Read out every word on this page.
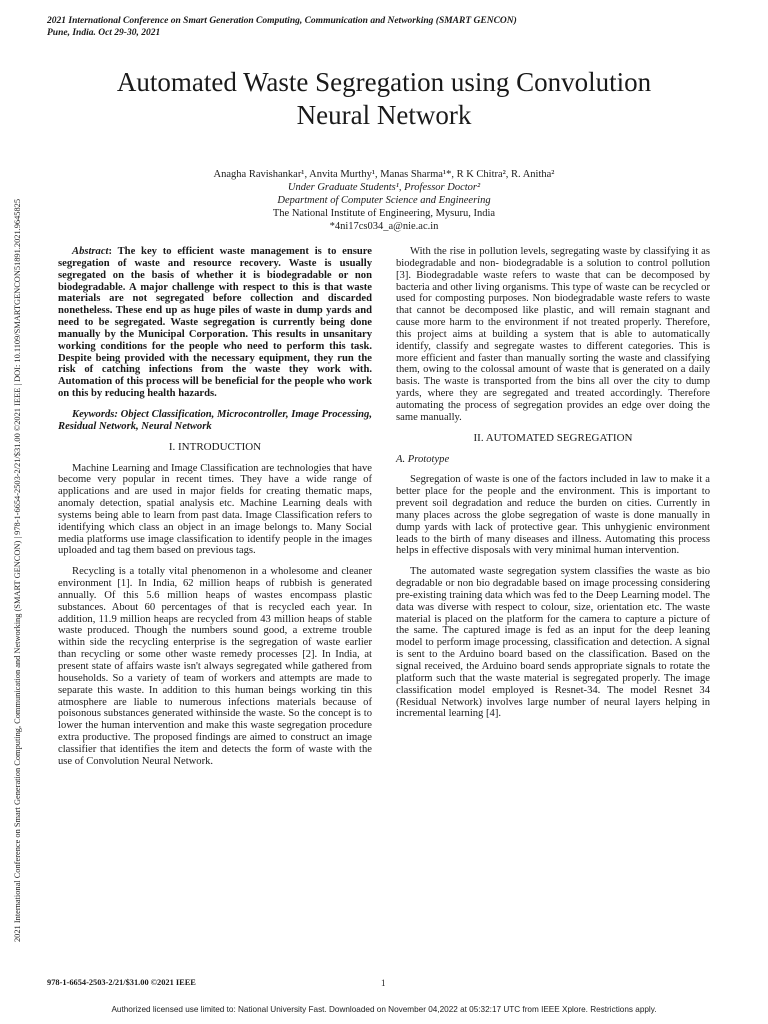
2021 International Conference on Smart Generation Computing, Communication and Networking (SMART GENCON)
Pune, India. Oct 29-30, 2021
2021 International Conference on Smart Generation Computing, Communication and Networking (SMART GENCON) | 978-1-6654-2503-2/21/$31.00 ©2021 IEEE | DOI: 10.1109/SMARTGENCON51891.2021.9645825
Automated Waste Segregation using Convolution
Neural Network
Anagha Ravishankar¹, Anvita Murthy¹, Manas Sharma¹*, R K Chitra², R. Anitha²
Under Graduate Students¹, Professor Doctor²
Department of Computer Science and Engineering
The National Institute of Engineering, Mysuru, India
*4ni17cs034_a@nie.ac.in

Abstract: The key to efficient waste management is to ensure segregation of waste and resource recovery. Waste is usually segregated on the basis of whether it is biodegradable or non biodegradable. A major challenge with respect to this is that waste materials are not segregated before collection and discarded nonetheless. These end up as huge piles of waste in dump yards and need to be segregated. Waste segregation is currently being done manually by the Municipal Corporation. This results in unsanitary working conditions for the people who need to perform this task. Despite being provided with the necessary equipment, they run the risk of catching infections from the waste they work with. Automation of this process will be beneficial for the people who work on this by reducing health hazards.

Keywords: Object Classification, Microcontroller, Image Processing, Residual Network, Neural Network

I. INTRODUCTION

Machine Learning and Image Classification are technologies that have become very popular in recent times. They have a wide range of applications and are used in major fields for creating thematic maps, anomaly detection, spatial analysis etc. Machine Learning deals with systems being able to learn from past data. Image Classification refers to identifying which class an object in an image belongs to. Many Social media platforms use image classification to identify people in the images uploaded and tag them based on previous tags.

Recycling is a totally vital phenomenon in a wholesome and cleaner environment [1]. In India, 62 million heaps of rubbish is generated annually. Of this 5.6 million heaps of wastes encompass plastic substances. About 60 percentages of that is recycled each year. In addition, 11.9 million heaps are recycled from 43 million heaps of stable waste produced. Though the numbers sound good, a extreme trouble within side the recycling enterprise is the segregation of waste earlier than recycling or some other waste remedy processes [2]. In India, at present state of affairs waste isn't always segregated while gathered from households. So a variety of team of workers and attempts are made to separate this waste. In addition to this human beings working tin this atmosphere are liable to numerous infections materials because of poisonous substances generated withinside the waste. So the concept is to lower the human intervention and make this waste segregation procedure extra productive. The proposed findings are aimed to construct an image classifier that identifies the item and detects the form of waste with the use of Convolution Neural Network.

With the rise in pollution levels, segregating waste by classifying it as biodegradable and non- biodegradable is a solution to control pollution [3]. Biodegradable waste refers to waste that can be decomposed by bacteria and other living organisms. This type of waste can be recycled or used for composting purposes. Non biodegradable waste refers to waste that cannot be decomposed like plastic, and will remain stagnant and cause more harm to the environment if not treated properly. Therefore, this project aims at building a system that is able to automatically identify, classify and segregate wastes to different categories. This is more efficient and faster than manually sorting the waste and classifying them, owing to the colossal amount of waste that is generated on a daily basis. The waste is transported from the bins all over the city to dump yards, where they are segregated and treated accordingly. Therefore automating the process of segregation provides an edge over doing the same manually.

II. AUTOMATED SEGREGATION

A. Prototype

Segregation of waste is one of the factors included in law to make it a better place for the people and the environment. This is important to prevent soil degradation and reduce the burden on cities. Currently in many places across the globe segregation of waste is done manually in dump yards with lack of protective gear. This unhygienic environment leads to the birth of many diseases and illness. Automating this process helps in effective disposals with very minimal human intervention.

The automated waste segregation system classifies the waste as bio degradable or non bio degradable based on image processing considering pre-existing training data which was fed to the Deep Learning model. The data was diverse with respect to colour, size, orientation etc. The waste material is placed on the platform for the camera to capture a picture of the same. The captured image is fed as an input for the deep leaning model to perform image processing, classification and detection. A signal is sent to the Arduino board based on the classification. Based on the signal received, the Arduino board sends appropriate signals to rotate the platform such that the waste material is segregated properly. The image classification model employed is Resnet-34. The model Resnet 34 (Residual Network) involves large number of neural layers helping in incremental learning [4].

978-1-6654-2503-2/21/$31.00 ©2021 IEEE	1
Authorized licensed use limited to: National University Fast. Downloaded on November 04,2022 at 05:32:17 UTC from IEEE Xplore. Restrictions apply.
